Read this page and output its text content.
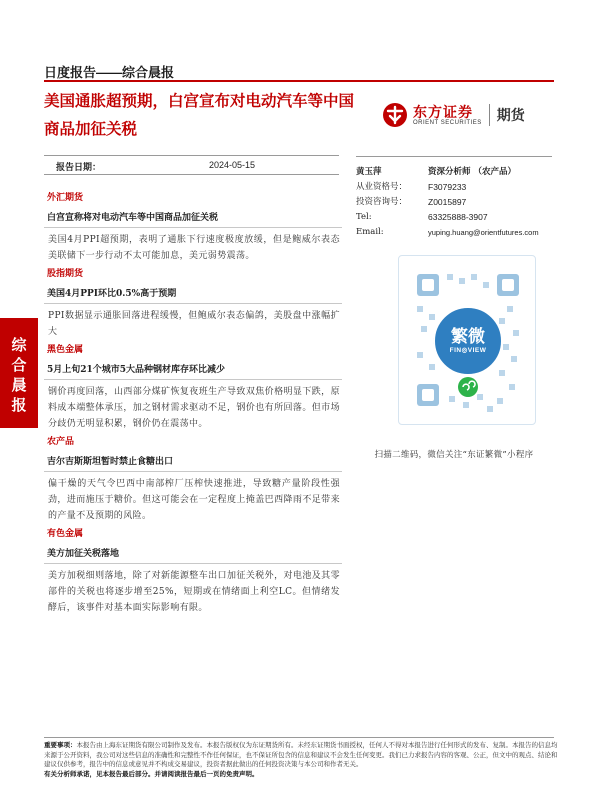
日度报告——综合晨报
美国通胀超预期，白宫宣布对电动汽车等中国商品加征关税
东方证券
ORIENT SECURITIES 期货
综合晨报
报告日期：	2024-05-15
外汇期货
白宫宣称将对电动汽车等中国商品加征关税
美国4月PPI超预期，表明了通胀下行速度极度放缓，但是鲍威尔表态美联储下一步行动不太可能加息，美元弱势震荡。
股指期货
美国4月PPI环比0.5%高于预期
PPI数据显示通胀回落进程缓慢，但鲍威尔表态偏鸽，美股盘中涨幅扩大
黑色金属
5月上旬21个城市5大品种钢材库存环比减少
钢价再度回落，山西部分煤矿恢复夜班生产导致双焦价格明显下跌，原料成本端整体承压，加之钢材需求驱动不足，钢价也有所回落。但市场分歧仍无明显积累，钢价仍在震荡中。
农产品
吉尔吉斯斯坦暂时禁止食糖出口
偏干燥的天气令巴西中南部榨厂压榨快速推进，导致糖产量阶段性强劲，进而施压于糖价。但这可能会在一定程度上掩盖巴西降雨不足带来的产量不及预期的风险。
有色金属
美方加征关税落地
美方加税细则落地，除了对新能源整车出口加征关税外，对电池及其零部件的关税也将逐步增至25%，短期或在情绪面上利空LC。但情绪发酵后，该事件对基本面实际影响有限。
黄玉萍	资深分析师 （农产品）
从业资格号：	F3079233
投资咨询号：	Z0015897
Tel:	63325888-3907
Email:	yuping.huang@orientfutures.com
繁微
FIN◎VIEW
扫描二维码，微信关注“东证繁微”小程序
重要事项：本报告由上海东证期货有限公司制作及发布。本报告版权仅为东证期货所有。未经东证期货书面授权，任何人不得对本报告进行任何形式的发布、复制。本报告的信息均来源于公开资料，我公司对这些信息的准确性和完整性不作任何保证，也不保证所包含的信息和建议不会发生任何变更。我们已力求报告内容的客观、公正，但文中的观点、结论和建议仅供参考，报告中的信息或意见并不构成交易建议，投资者据此做出的任何投资决策与本公司和作者无关。
有关分析师承诺，见本报告最后部分。并请阅读报告最后一页的免责声明。
